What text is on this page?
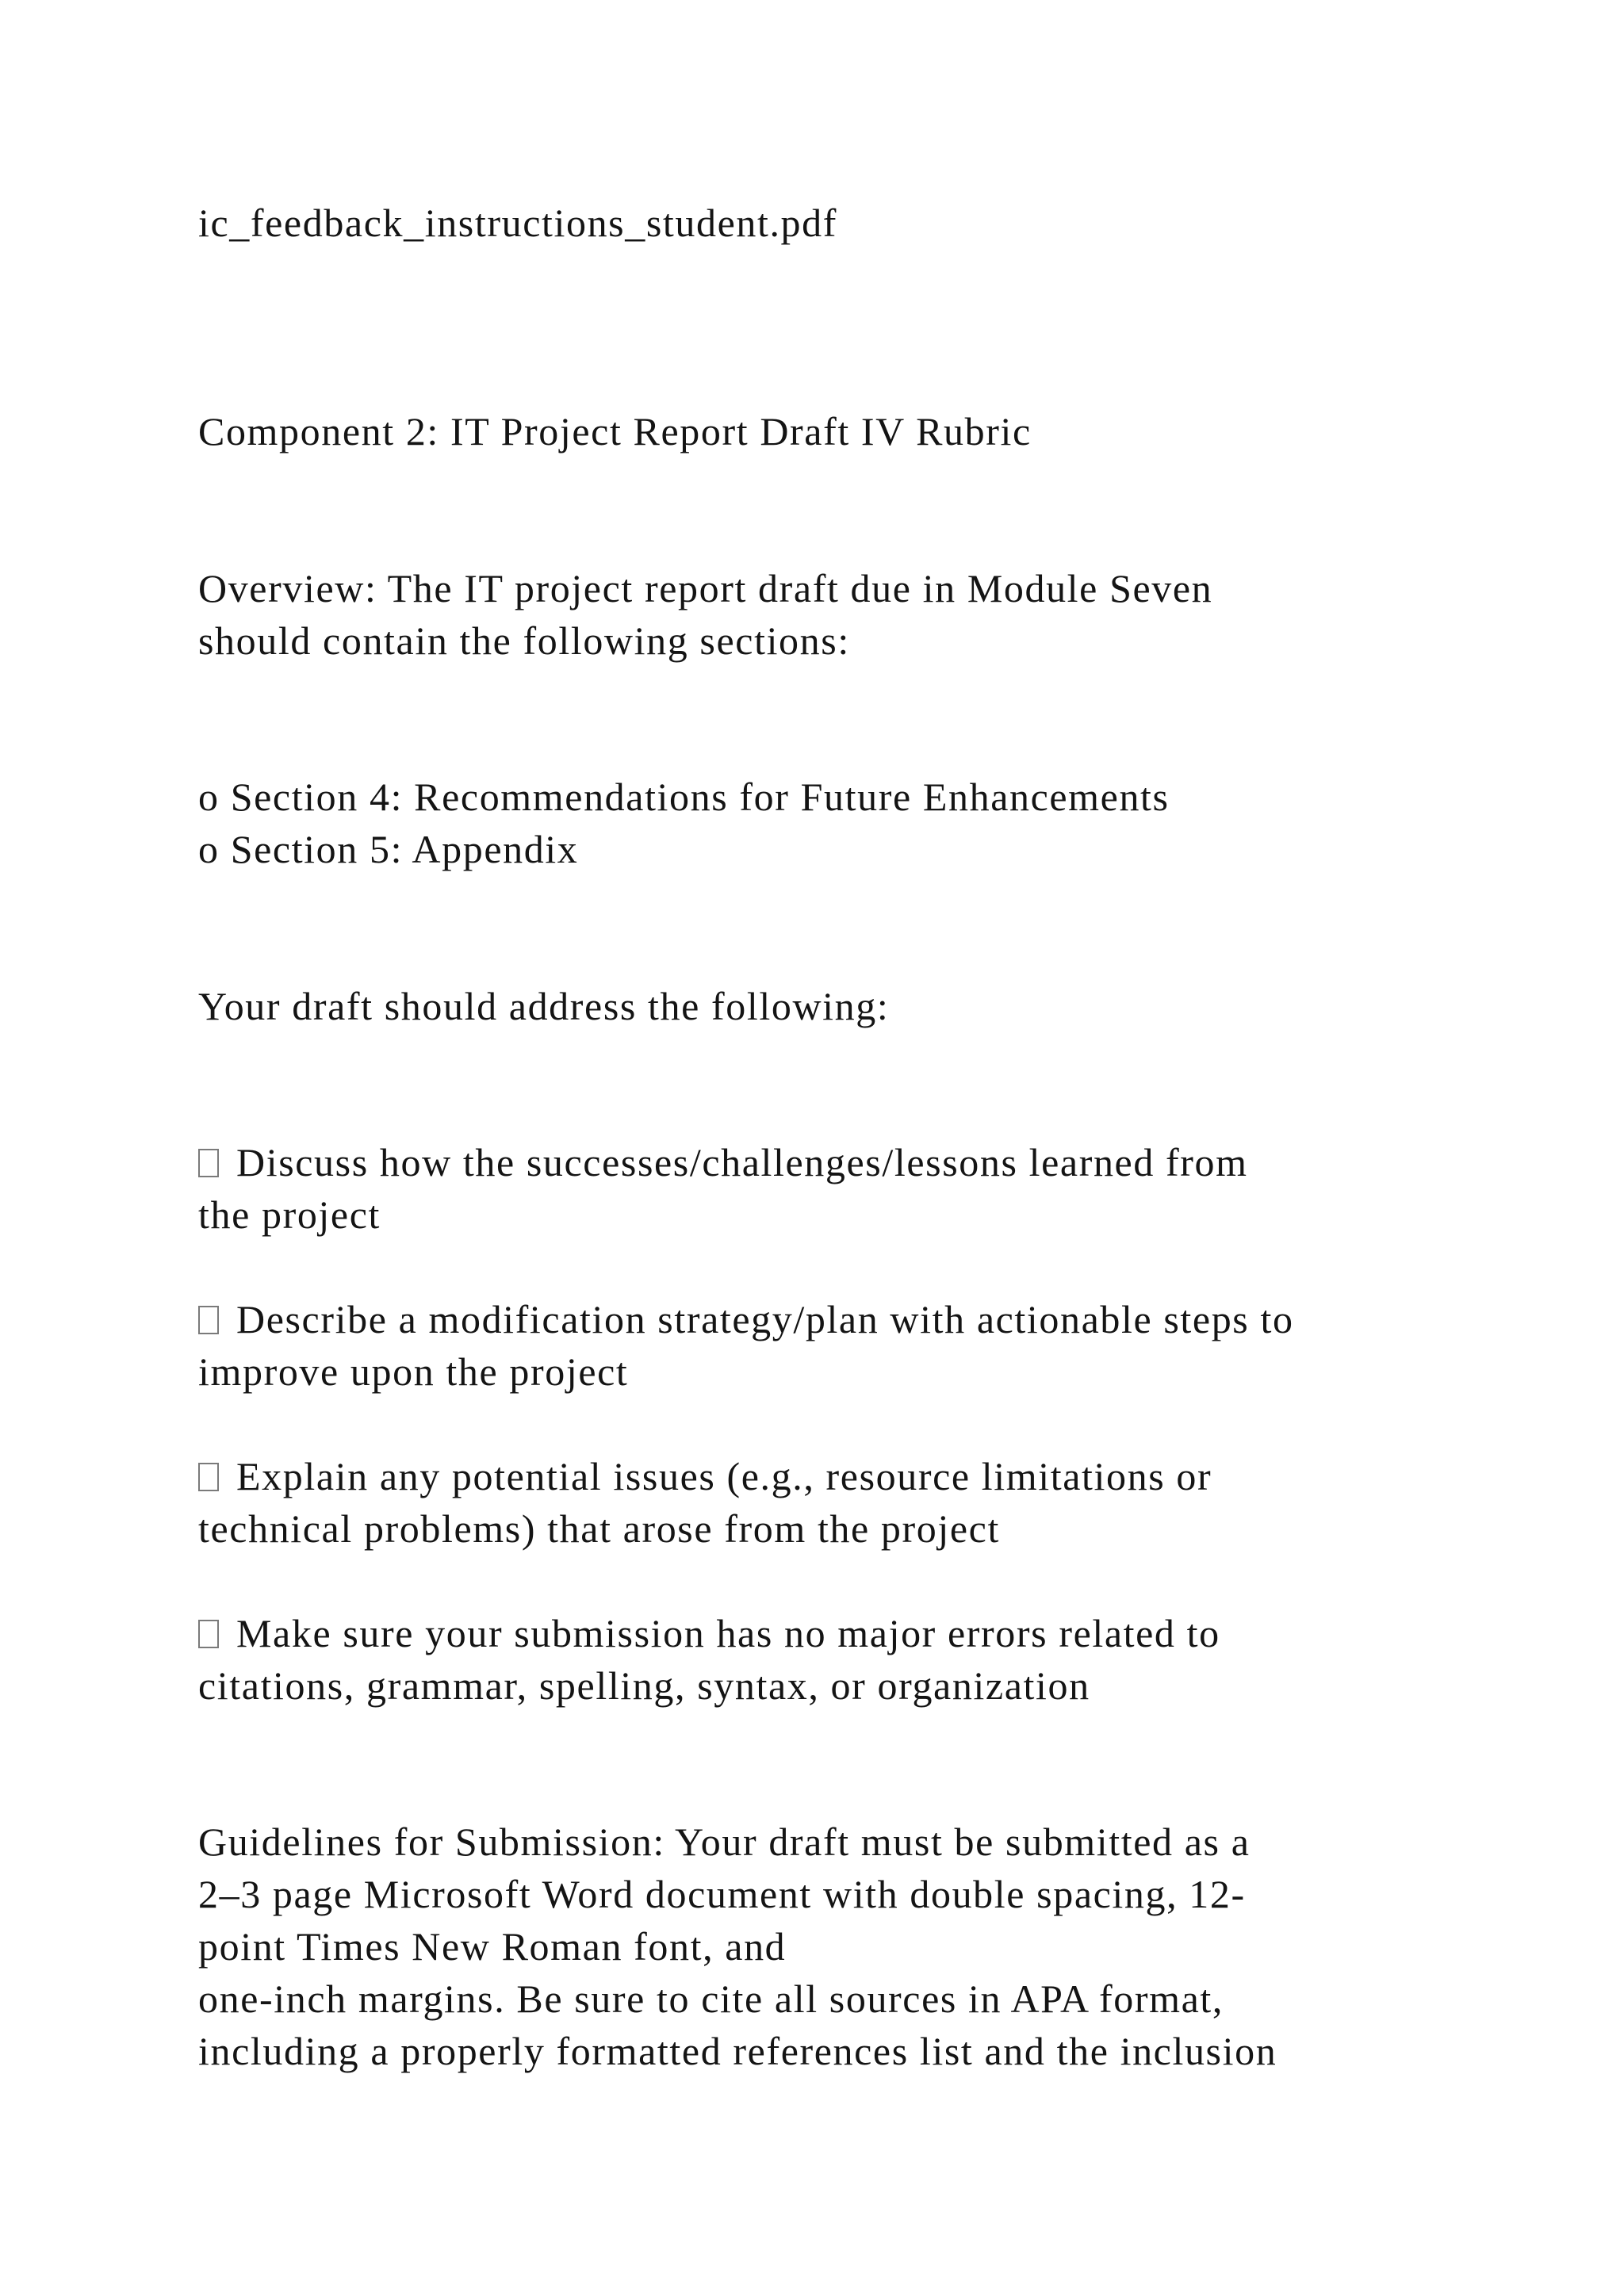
ic_feedback_instructions_student.pdf
Component 2: IT Project Report Draft IV Rubric
Overview: The IT project report draft due in Module Seven
should contain the following sections:
o Section 4: Recommendations for Future Enhancements
o Section 5: Appendix
Your draft should address the following:
Discuss how the successes/challenges/lessons learned from
the project
Describe a modification strategy/plan with actionable steps to
improve upon the project
Explain any potential issues (e.g., resource limitations or
technical problems) that arose from the project
Make sure your submission has no major errors related to
citations, grammar, spelling, syntax, or organization
Guidelines for Submission: Your draft must be submitted as a
2–3 page Microsoft Word document with double spacing, 12-
point Times New Roman font, and
one-inch margins. Be sure to cite all sources in APA format,
including a properly formatted references list and the inclusion
